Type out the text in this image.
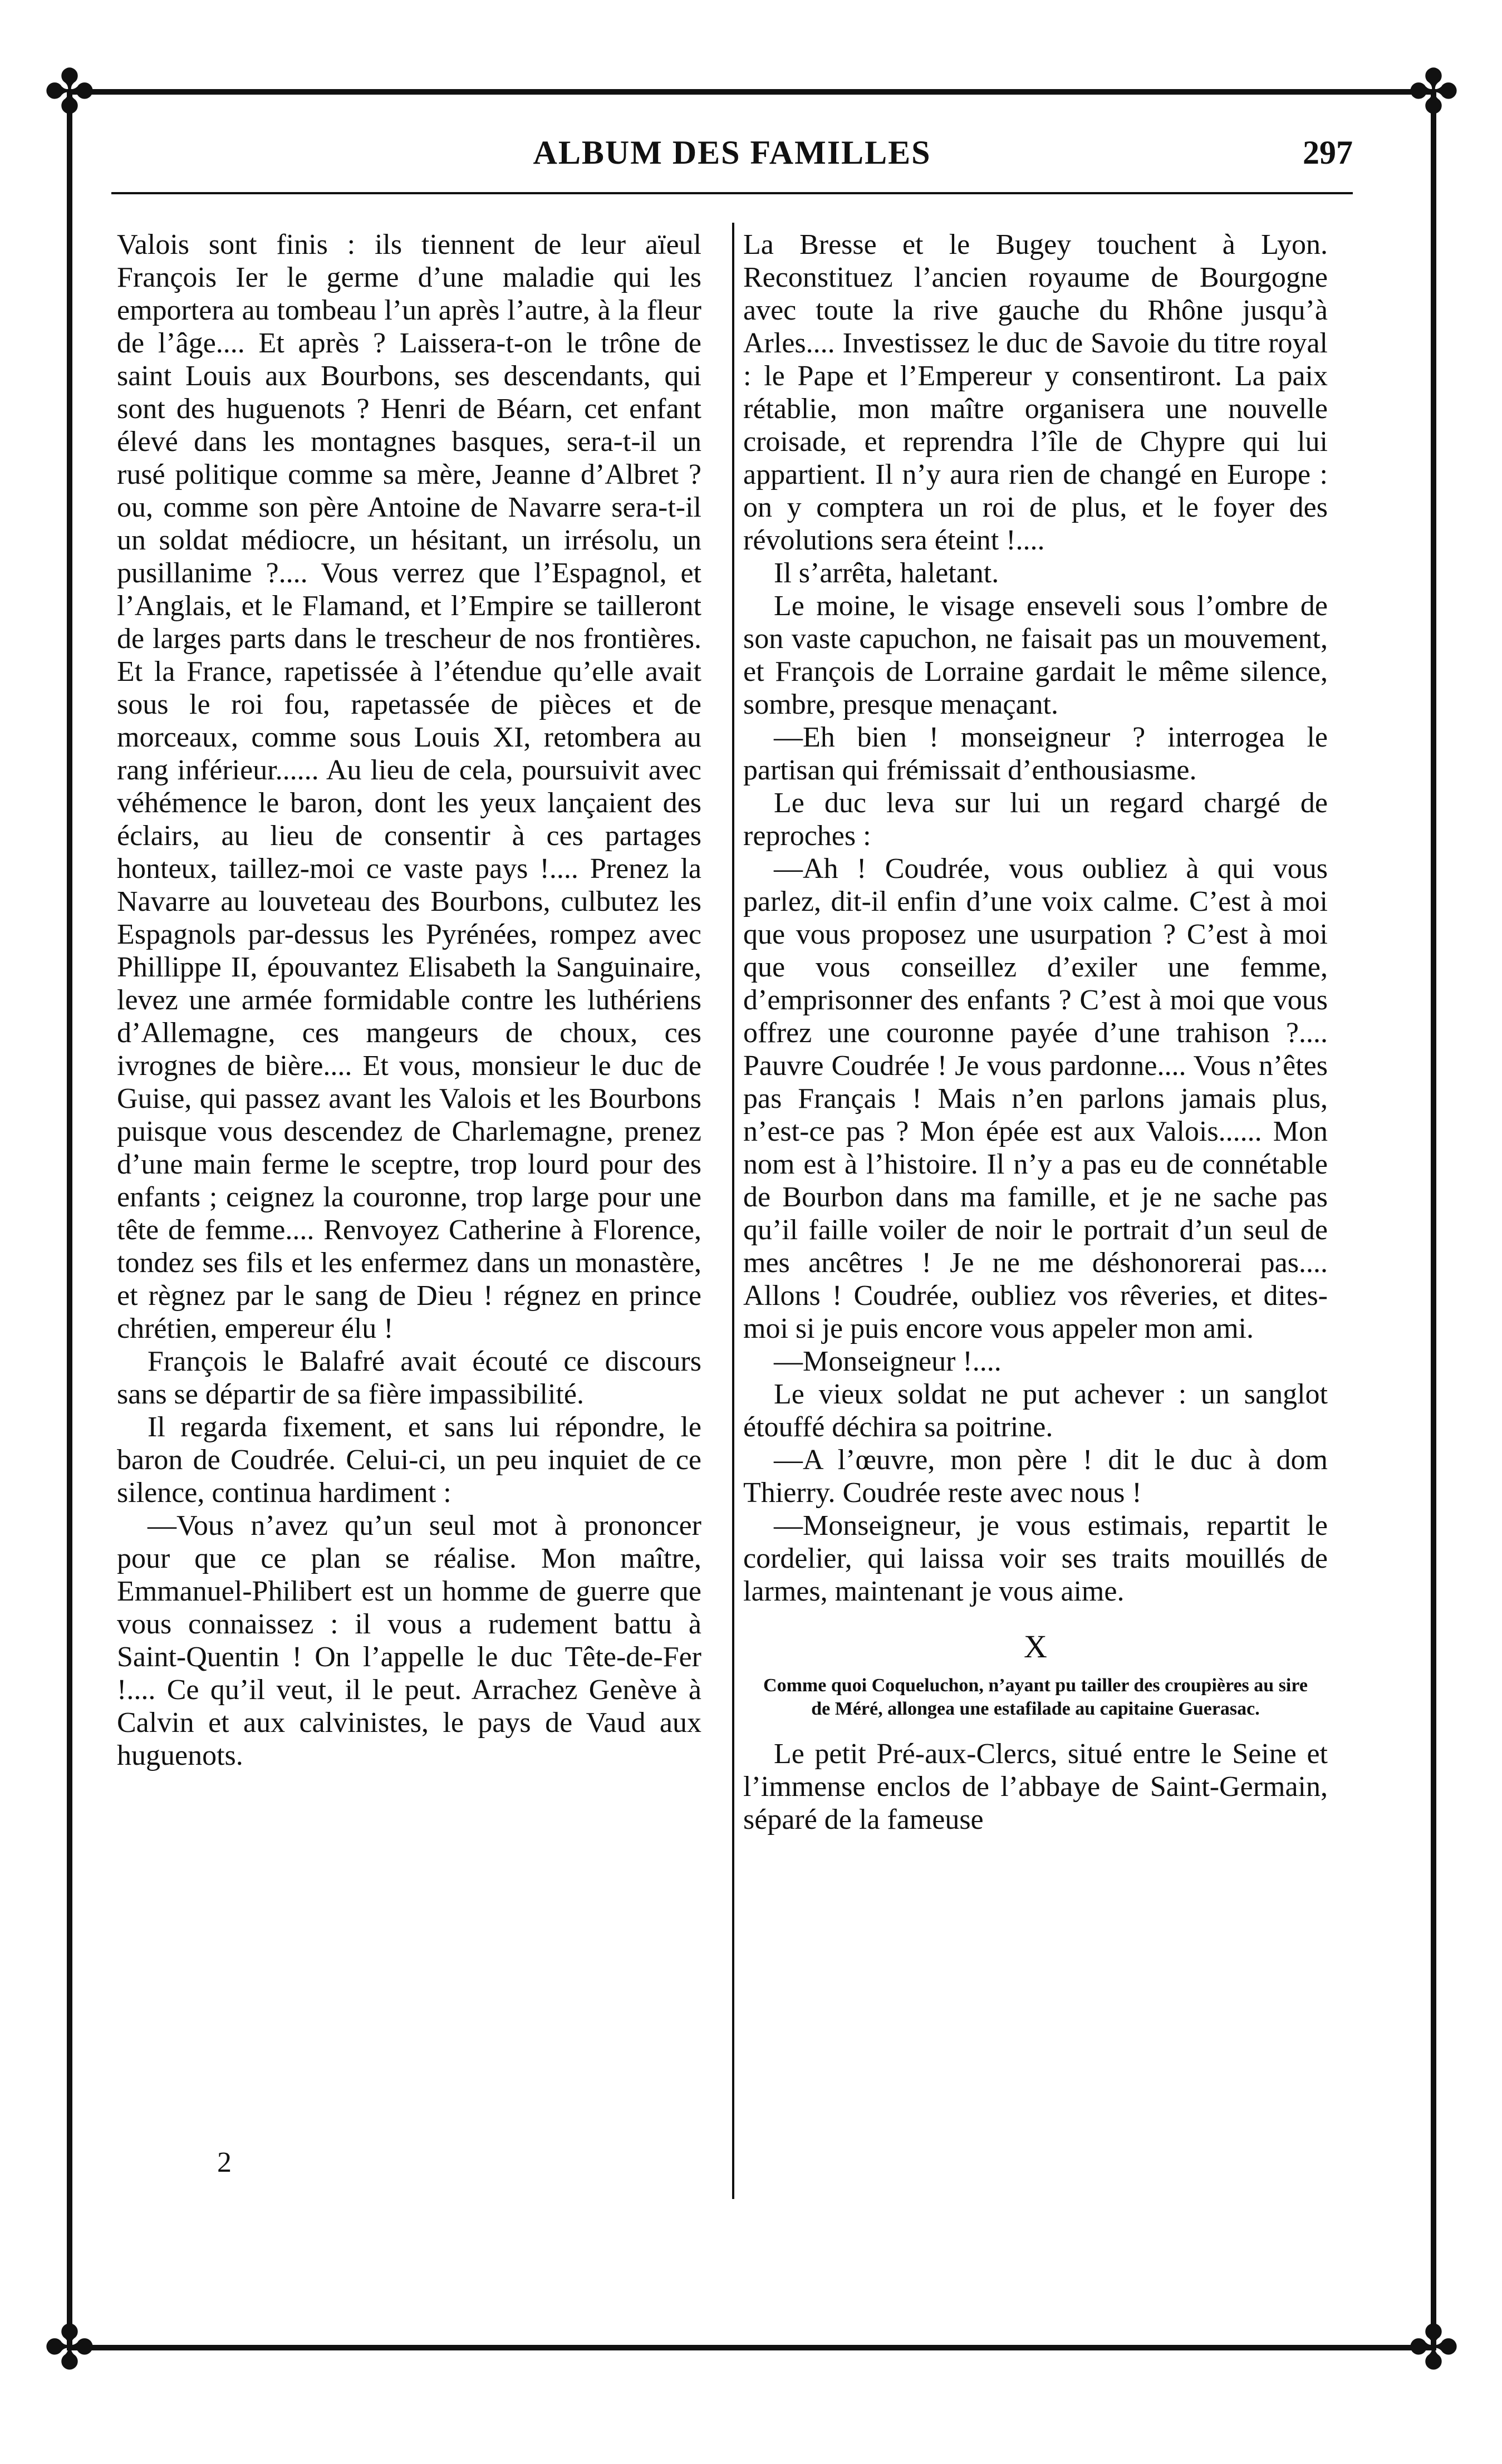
✤	✤
✤	✤
ALBUM DES FAMILLES	297

Valois sont finis : ils tiennent de leur aïeul François Ier le germe d’une maladie qui les emportera au tombeau l’un après l’autre, à la fleur de l’âge.... Et après ? Laissera-t-on le trône de saint Louis aux Bourbons, ses descendants, qui sont des huguenots ? Henri de Béarn, cet enfant élevé dans les montagnes basques, sera-t-il un rusé politique comme sa mère, Jeanne d’Albret ? ou, comme son père Antoine de Navarre sera-t-il un soldat médiocre, un hésitant, un irrésolu, un pusillanime ?.... Vous verrez que l’Espagnol, et l’Anglais, et le Flamand, et l’Empire se tailleront de larges parts dans le trescheur de nos frontières. Et la France, rapetissée à l’étendue qu’elle avait sous le roi fou, rapetassée de pièces et de morceaux, comme sous Louis XI, retombera au rang inférieur...... Au lieu de cela, poursuivit avec véhémence le baron, dont les yeux lançaient des éclairs, au lieu de consentir à ces partages honteux, taillez-moi ce vaste pays !.... Prenez la Navarre au louveteau des Bourbons, culbutez les Espagnols par-dessus les Pyrénées, rompez avec Phillippe II, épouvantez Elisabeth la Sanguinaire, levez une armée formidable contre les luthériens d’Allemagne, ces mangeurs de choux, ces ivrognes de bière.... Et vous, monsieur le duc de Guise, qui passez avant les Valois et les Bourbons puisque vous descendez de Charlemagne, prenez d’une main ferme le sceptre, trop lourd pour des enfants ; ceignez la couronne, trop large pour une tête de femme.... Renvoyez Catherine à Florence, tondez ses fils et les enfermez dans un monastère, et règnez par le sang de Dieu ! régnez en prince chrétien, empereur élu !

François le Balafré avait écouté ce discours sans se départir de sa fière impassibilité.

Il regarda fixement, et sans lui répondre, le baron de Coudrée. Celui-ci, un peu inquiet de ce silence, continua hardiment :

—Vous n’avez qu’un seul mot à prononcer pour que ce plan se réalise. Mon maître, Emmanuel-Philibert est un homme de guerre que vous connaissez : il vous a rudement battu à Saint-Quentin ! On l’appelle le duc Tête-de-Fer !.... Ce qu’il veut, il le peut. Arrachez Genève à Calvin et aux calvinistes, le pays de Vaud aux huguenots.

2

La Bresse et le Bugey touchent à Lyon. Reconstituez l’ancien royaume de Bourgogne avec toute la rive gauche du Rhône jusqu’à Arles.... Investissez le duc de Savoie du titre royal : le Pape et l’Empereur y consentiront. La paix rétablie, mon maître organisera une nouvelle croisade, et reprendra l’île de Chypre qui lui appartient. Il n’y aura rien de changé en Europe : on y comptera un roi de plus, et le foyer des révolutions sera éteint !....

Il s’arrêta, haletant.

Le moine, le visage enseveli sous l’ombre de son vaste capuchon, ne faisait pas un mouvement, et François de Lorraine gardait le même silence, sombre, presque menaçant.

—Eh bien ! monseigneur ? interrogea le partisan qui frémissait d’enthousiasme.

Le duc leva sur lui un regard chargé de reproches :

—Ah ! Coudrée, vous oubliez à qui vous parlez, dit-il enfin d’une voix calme. C’est à moi que vous proposez une usurpation ? C’est à moi que vous conseillez d’exiler une femme, d’emprisonner des enfants ? C’est à moi que vous offrez une couronne payée d’une trahison ?.... Pauvre Coudrée ! Je vous pardonne.... Vous n’êtes pas Français ! Mais n’en parlons jamais plus, n’est-ce pas ? Mon épée est aux Valois...... Mon nom est à l’histoire. Il n’y a pas eu de connétable de Bourbon dans ma famille, et je ne sache pas qu’il faille voiler de noir le portrait d’un seul de mes ancêtres ! Je ne me déshonorerai pas.... Allons ! Coudrée, oubliez vos rêveries, et dites-moi si je puis encore vous appeler mon ami.

—Monseigneur !....

Le vieux soldat ne put achever : un sanglot étouffé déchira sa poitrine.

—A l’œuvre, mon père ! dit le duc à dom Thierry. Coudrée reste avec nous !

—Monseigneur, je vous estimais, repartit le cordelier, qui laissa voir ses traits mouillés de larmes, maintenant je vous aime.

X
Comme quoi Coqueluchon, n’ayant pu tailler des croupières au sire de Méré, allongea une estafilade au capitaine Guerasac.

Le petit Pré-aux-Clercs, situé entre le Seine et l’immense enclos de l’abbaye de Saint-Germain, séparé de la fameuse
